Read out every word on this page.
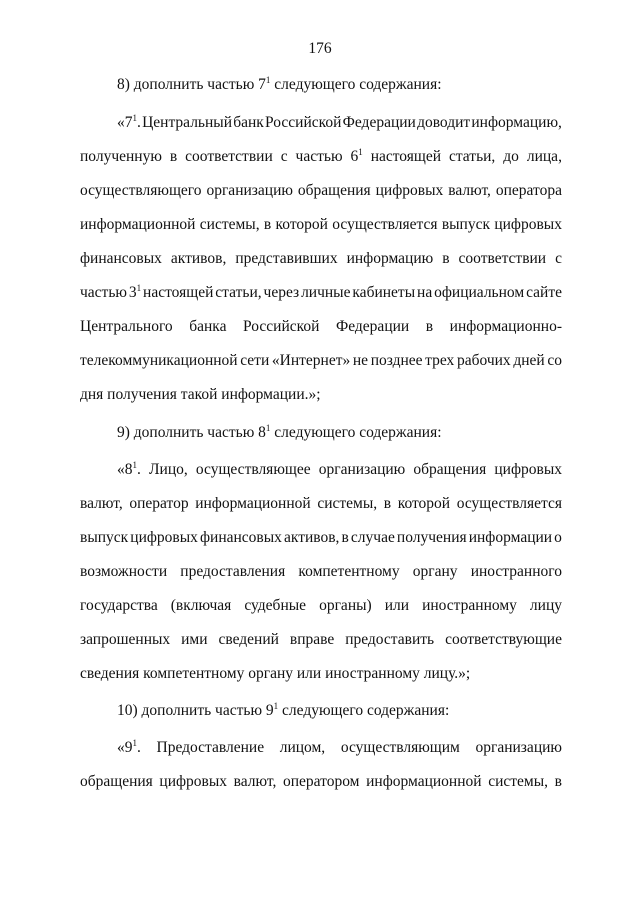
176
8) дополнить частью $7^1$ следующего содержания:
«$7^1$. Центральный банк Российской Федерации доводит информацию,
полученную в соответствии с частью $6^1$ настоящей статьи, до лица,
осуществляющего организацию обращения цифровых валют, оператора
информационной системы, в которой осуществляется выпуск цифровых
финансовых активов, представивших информацию в соответствии с
частью $3^1$ настоящей статьи, через личные кабинеты на официальном сайте
Центрального банка Российской Федерации в информационно-
телекоммуникационной сети «Интернет» не позднее трех рабочих дней со
дня получения такой информации.»;
9) дополнить частью $8^1$ следующего содержания:
«$8^1$. Лицо, осуществляющее организацию обращения цифровых
валют, оператор информационной системы, в которой осуществляется
выпуск цифровых финансовых активов, в случае получения информации о
возможности предоставления компетентному органу иностранного
государства (включая судебные органы) или иностранному лицу
запрошенных ими сведений вправе предоставить соответствующие
сведения компетентному органу или иностранному лицу.»;
10) дополнить частью $9^1$ следующего содержания:
«$9^1$. Предоставление лицом, осуществляющим организацию
обращения цифровых валют, оператором информационной системы, в
